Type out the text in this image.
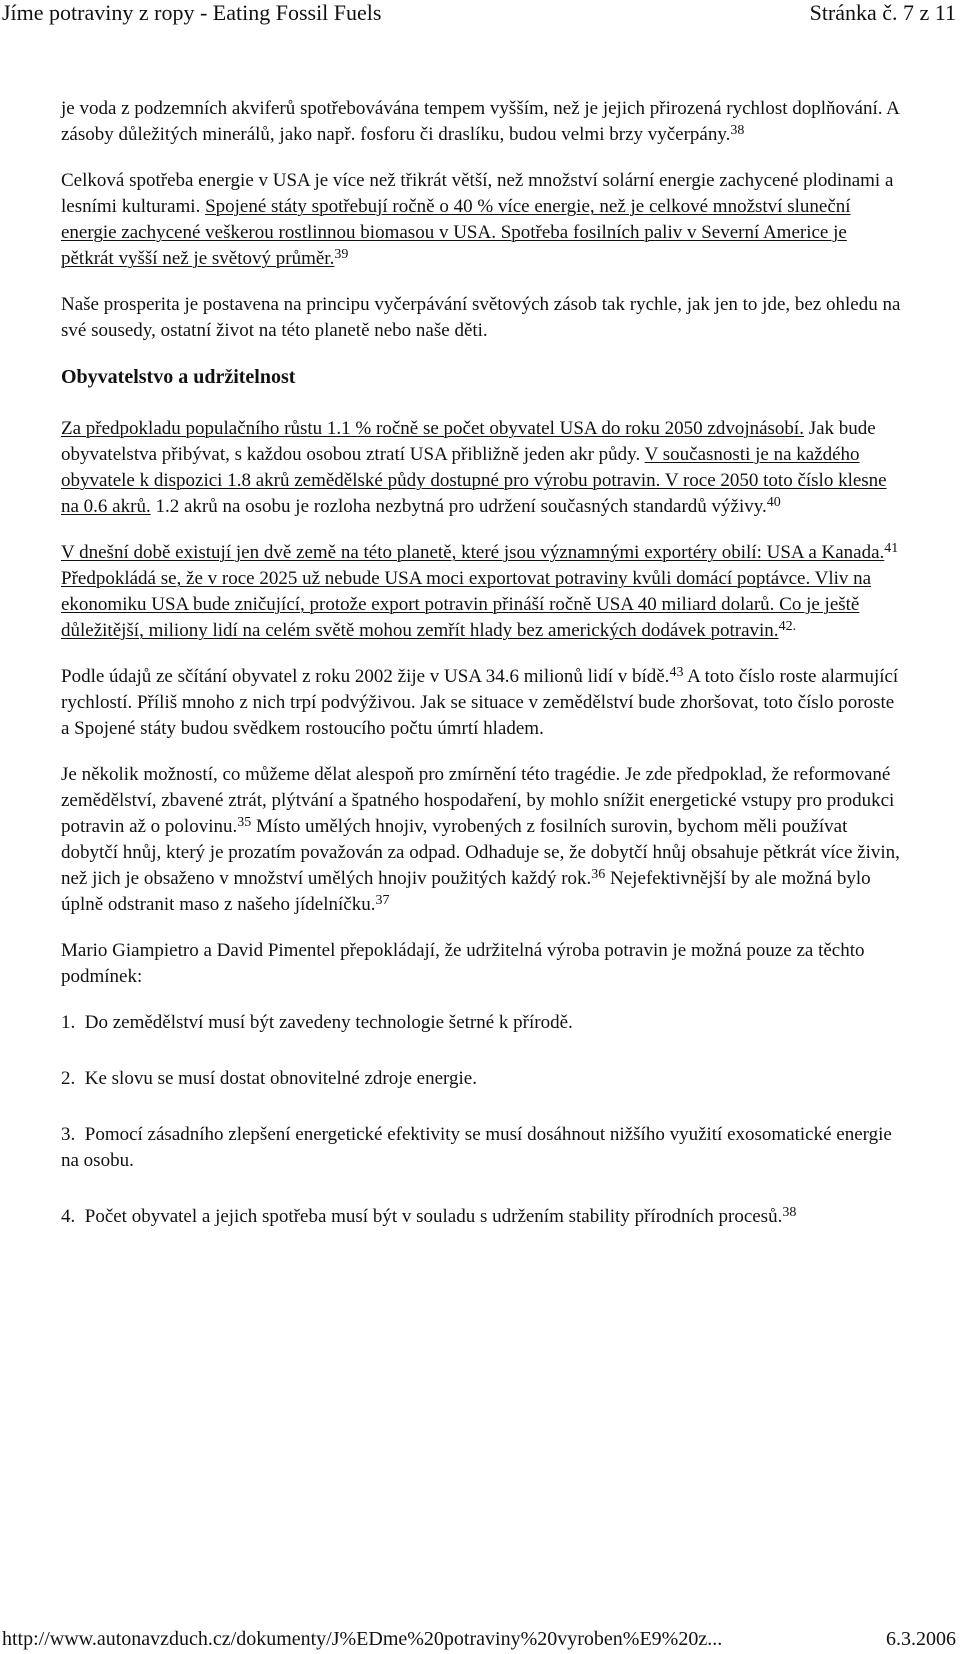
Jíme potraviny z ropy - Eating Fossil Fuels	Stránka č. 7 z 11

je voda z podzemních akviferů spotřebovávána tempem vyšším, než je jejich přirozená rychlost doplňování. A zásoby důležitých minerálů, jako např. fosforu či draslíku, budou velmi brzy vyčerpány.$^{38}$

Celková spotřeba energie v USA je více než třikrát větší, než množství solární energie zachycené plodinami a lesními kulturami. Spojené státy spotřebují ročně o 40 % více energie, než je celkové množství sluneční energie zachycené veškerou rostlinnou biomasou v USA. Spotřeba fosilních paliv v Severní Americe je pětkrát vyšší než je světový průměr.$^{39}$

Naše prosperita je postavena na principu vyčerpávání světových zásob tak rychle, jak jen to jde, bez ohledu na své sousedy, ostatní život na této planetě nebo naše děti.

Obyvatelstvo a udržitelnost

Za předpokladu populačního růstu 1.1 % ročně se počet obyvatel USA do roku 2050 zdvojnásobí. Jak bude obyvatelstva přibývat, s každou osobou ztratí USA přibližně jeden akr půdy. V současnosti je na každého obyvatele k dispozici 1.8 akrů zemědělské půdy dostupné pro výrobu potravin. V roce 2050 toto číslo klesne na 0.6 akrů. 1.2 akrů na osobu je rozloha nezbytná pro udržení současných standardů výživy.$^{40}$

V dnešní době existují jen dvě země na této planetě, které jsou významnými exportéry obilí: USA a Kanada.$^{41}$ Předpokládá se, že v roce 2025 už nebude USA moci exportovat potraviny kvůli domácí poptávce. Vliv na ekonomiku USA bude zničující, protože export potravin přináší ročně USA 40 miliard dolarů. Co je ještě důležitější, miliony lidí na celém světě mohou zemřít hlady bez amerických dodávek potravin.$^{42.}$

Podle údajů ze sčítání obyvatel z roku 2002 žije v USA 34.6 milionů lidí v bídě.$^{43}$ A toto číslo roste alarmující rychlostí. Příliš mnoho z nich trpí podvýživou. Jak se situace v zemědělství bude zhoršovat, toto číslo poroste a Spojené státy budou svědkem rostoucího počtu úmrtí hladem.

Je několik možností, co můžeme dělat alespoň pro zmírnění této tragédie. Je zde předpoklad, že reformované zemědělství, zbavené ztrát, plýtvání a špatného hospodaření, by mohlo snížit energetické vstupy pro produkci potravin až o polovinu.$^{35}$ Místo umělých hnojiv, vyrobených z fosilních surovin, bychom měli používat dobytčí hnůj, který je prozatím považován za odpad. Odhaduje se, že dobytčí hnůj obsahuje pětkrát více živin, než jich je obsaženo v množství umělých hnojiv použitých každý rok.$^{36}$ Nejefektivnější by ale možná bylo úplně odstranit maso z našeho jídelníčku.$^{37}$

Mario Giampietro a David Pimentel přepokládají, že udržitelná výroba potravin je možná pouze za těchto podmínek:

1. Do zemědělství musí být zavedeny technologie šetrné k přírodě.

2. Ke slovu se musí dostat obnovitelné zdroje energie.

3. Pomocí zásadního zlepšení energetické efektivity se musí dosáhnout nižšího využití exosomatické energie na osobu.

4. Počet obyvatel a jejich spotřeba musí být v souladu s udržením stability přírodních procesů.$^{38}$

http://www.autonavzduch.cz/dokumenty/J%EDme%20potraviny%20vyroben%E9%20z...	6.3.2006
